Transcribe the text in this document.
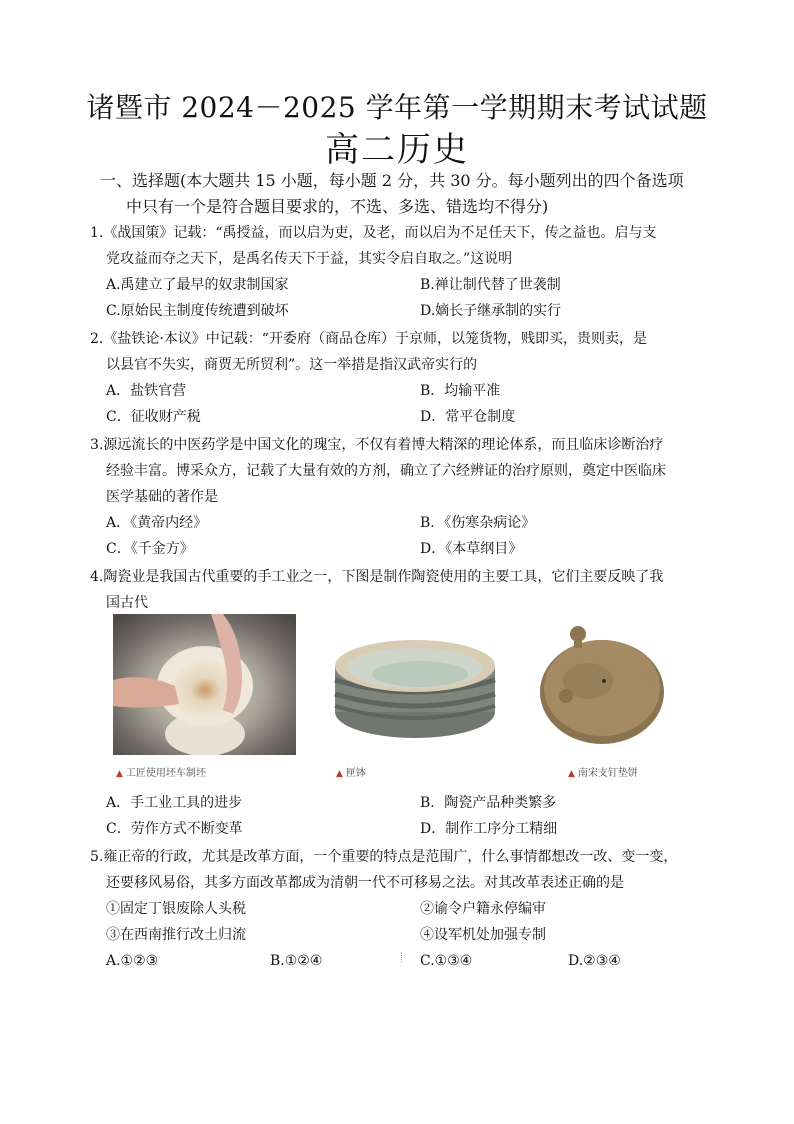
诸暨市 2024－2025 学年第一学期期末考试试题
高二历史
一、选择题(本大题共 15 小题，每小题 2 分，共 30 分。每小题列出的四个备选项
中只有一个是符合题目要求的，不选、多选、错选均不得分)
1.《战国策》记载：“禹授益，而以启为吏，及老，而以启为不足任天下，传之益也。启与支
党攻益而夺之天下，是禹名传天下于益，其实令启自取之。”这说明
A.禹建立了最早的奴隶制国家	B.禅让制代替了世袭制
C.原始民主制度传统遭到破坏	D.嫡长子继承制的实行
2.《盐铁论·本议》中记载：“开委府（商品仓库）于京师，以笼货物，贱即买，贵则卖，是
以县官不失实，商贾无所贸利”。这一举措是指汉武帝实行的
A．盐铁官营	B．均输平准
C．征收财产税	D．常平仓制度
3.源远流长的中医药学是中国文化的瑰宝，不仅有着博大精深的理论体系，而且临床诊断治疗
经验丰富。博采众方，记载了大量有效的方剂，确立了六经辨证的治疗原则，奠定中医临床
医学基础的著作是
A．《黄帝内经》	B．《伤寒杂病论》
C．《千金方》	D．《本草纲目》
4.陶瓷业是我国古代重要的手工业之一，下图是制作陶瓷使用的主要工具，它们主要反映了我
国古代
▲ 工匠使用坯车制坯	▲ 匣钵	▲ 南宋支钉垫饼
A．手工业工具的进步	B．陶瓷产品种类繁多
C．劳作方式不断变革	D．制作工序分工精细
5.雍正帝的行政，尤其是改革方面，一个重要的特点是范围广，什么事情都想改一改、变一变，
还要移风易俗，其多方面改革都成为清朝一代不可移易之法。对其改革表述正确的是
①固定丁银废除人头税	②谕令户籍永停编审
③在西南推行改土归流	④设军机处加强专制
A.①②③	B.①②④	C.①③④	D.②③④
